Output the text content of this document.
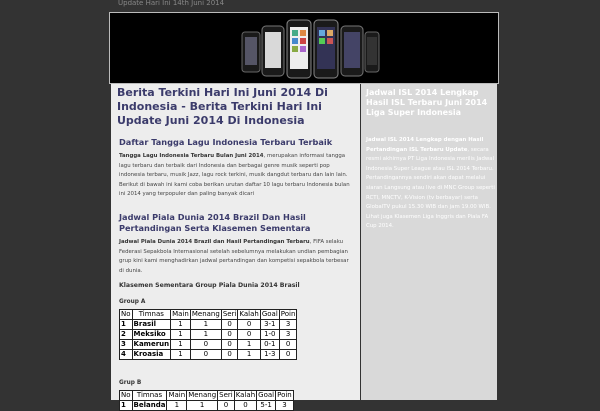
Update Hari Ini 14th Juni 2014
Berita Terkini Hari Ini Juni 2014 Di Indonesia - Berita Terkini Hari Ini Update Juni 2014 Di Indonesia
Daftar Tangga Lagu Indonesia Terbaru Terbaik

Tangga Lagu Indonesia Terbaru Bulan Juni 2014, merupakan informasi tangga lagu terbaru dan terbaik dari Indonesia dan berbagai genre musik seperti pop indonesia terbaru, musik Jazz, lagu rock terkini, musik dangdut terbaru dan lain lain. Berikut di bawah ini kami coba berikan urutan daftar 10 lagu terbaru Indonesia bulan ini 2014 yang terpopuler dan paling banyak dicari

Jadwal Piala Dunia 2014 Brazil Dan Hasil Pertandingan Serta Klasemen Sementara

Jadwal Piala Dunia 2014 Brazil dan Hasil Pertandingan Terbaru, FIFA selaku Federasi Sepakbola Internasional setelah sebelumnya melakukan undian pembagian grup kini kami menghadirkan jadwal pertandingan dan kompetisi sepakbola terbesar di dunia.

Klasemen Sementara Group Piala Dunia 2014 Brasil
Group A
No	Timnas	Main	Menang	Seri	Kalah	Goal	Poin
1	Brasil	1	1	0	0	3-1	3
2	Meksiko	1	1	0	0	1-0	3
3	Kamerun	1	0	0	1	0-1	0
4	Kroasia	1	0	0	1	1-3	0
Grup B
No	Timnas	Main	Menang	Seri	Kalah	Goal	Poin
1	Belanda	1	1	0	0	5-1	3
Jadwal ISL 2014 Lengkap Hasil ISL Terbaru Juni 2014 Liga Super Indonesia

Jadwal ISL 2014 Lengkap dengan Hasil Pertandingan ISL Terbaru Update, secara resmi akhirnya PT Liga Indonesia merilis Jadwal Indonesia Super League atau ISL 2014 Terbaru. Pertandingannya sendiri akan dapat melalui siaran Langsung atau live di MNC Group seperti RCTI, MNCTV, K-Vision (tv berbayar) serta GlobalTV pukul 15.30 WIB dan jam 19.00 WIB. Lihat juga Klasemen Liga Inggris dan Piala FA Cup 2014.
